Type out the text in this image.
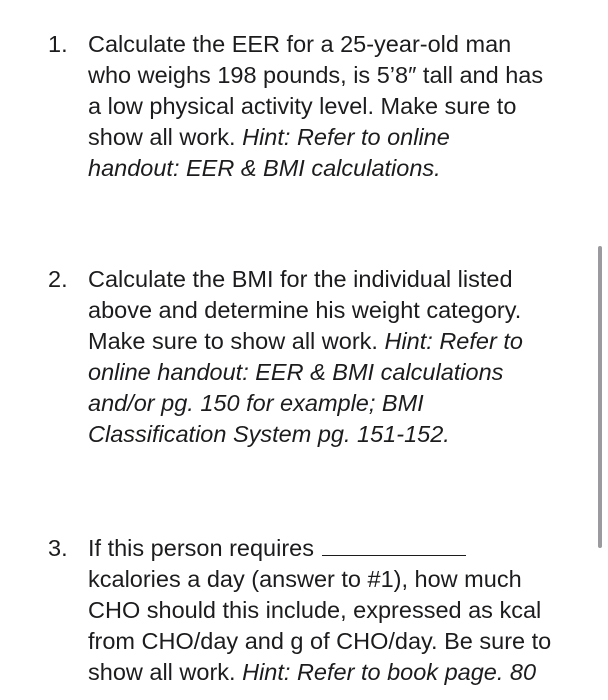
1. Calculate the EER for a 25-year-old man
who weighs 198 pounds, is 5’8″ tall and has
a low physical activity level. Make sure to
show all work. Hint: Refer to online
handout: EER & BMI calculations.
2. Calculate the BMI for the individual listed
above and determine his weight category.
Make sure to show all work. Hint: Refer to
online handout: EER & BMI calculations
and/or pg. 150 for example; BMI
Classification System pg. 151-152.
3. If this person requires
kcalories a day (answer to #1), how much
CHO should this include, expressed as kcal
from CHO/day and g of CHO/day. Be sure to
show all work. Hint: Refer to book page. 80
